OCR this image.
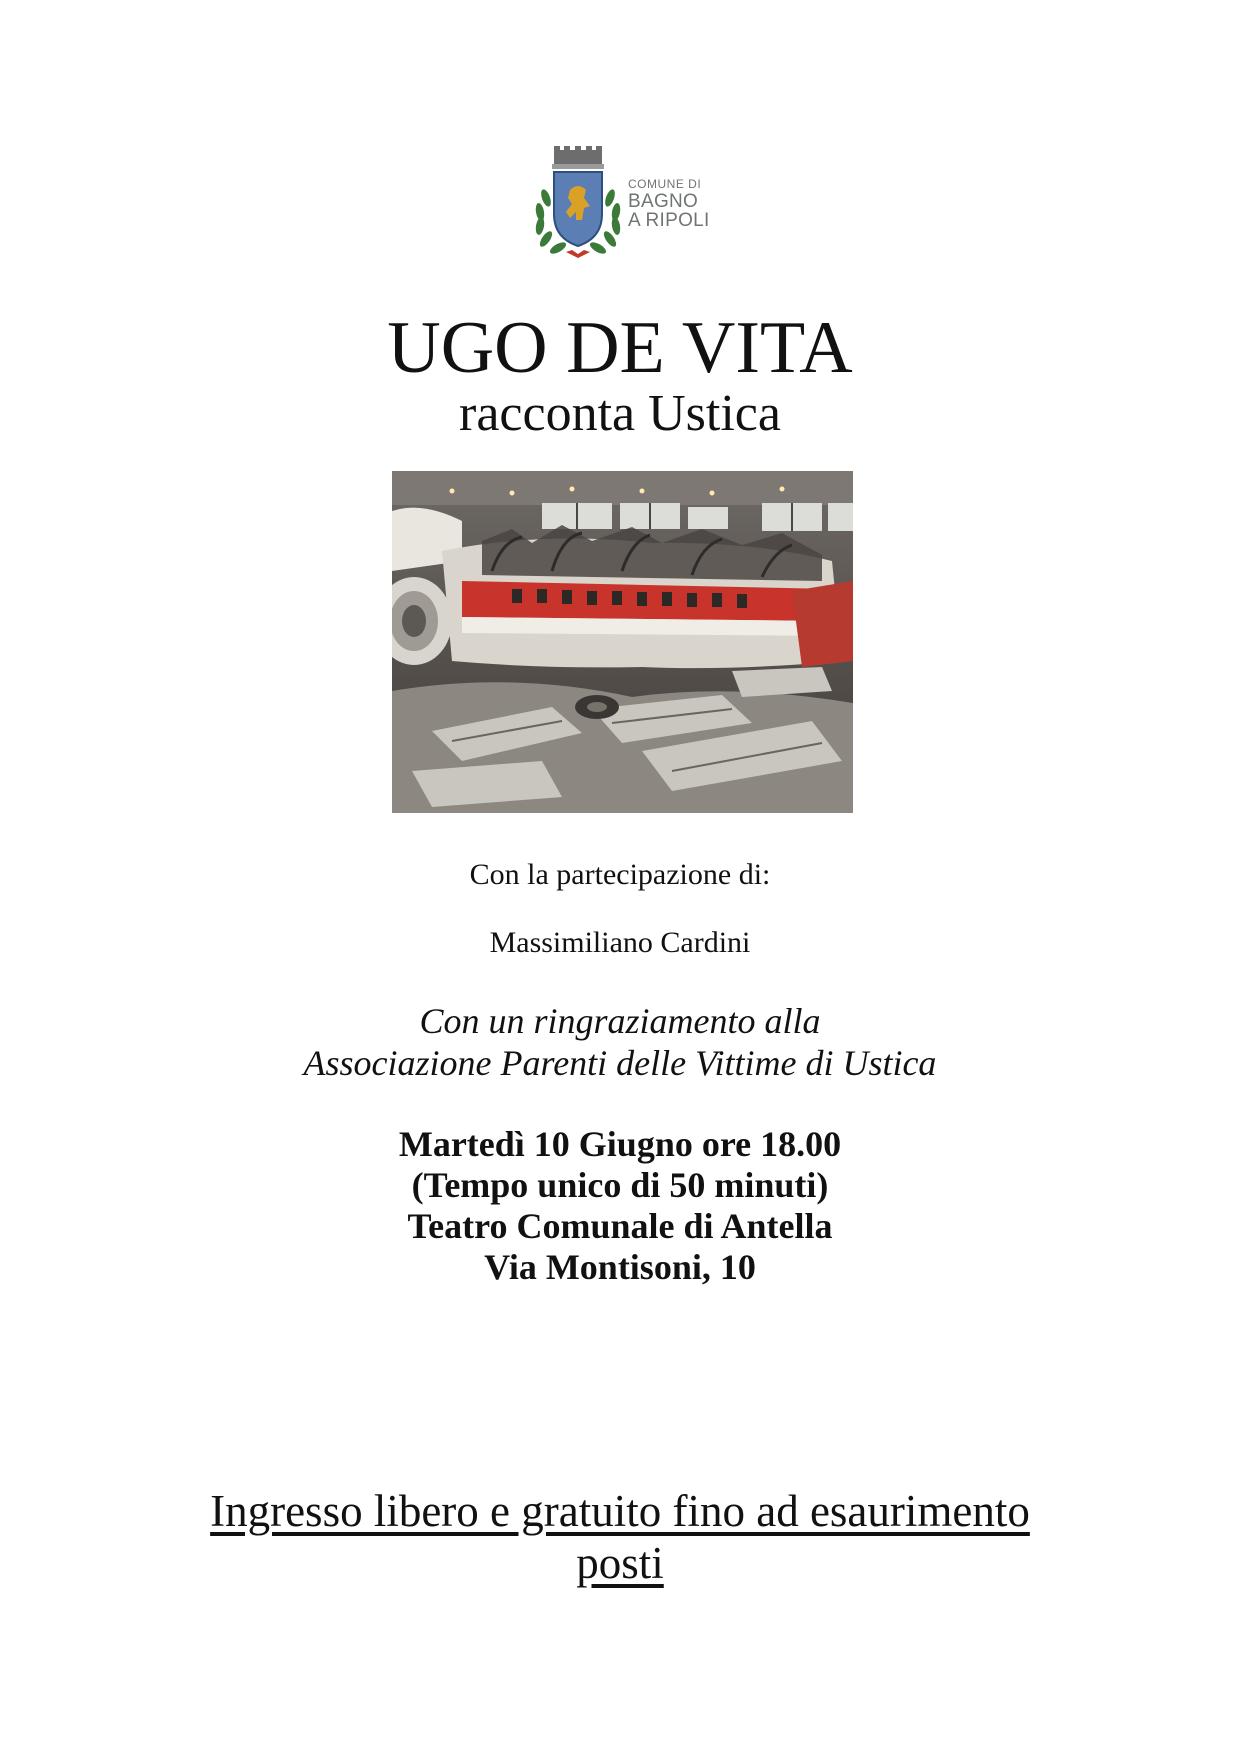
COMUNE DI
BAGNO
A RIPOLI
UGO DE VITA
racconta Ustica
Con la partecipazione di:
Massimiliano Cardini
Con un ringraziamento alla
Associazione Parenti delle Vittime di Ustica
Martedì 10 Giugno ore 18.00
(Tempo unico di 50 minuti)
Teatro Comunale di Antella
Via Montisoni, 10
Ingresso libero e gratuito fino ad esaurimento
posti
